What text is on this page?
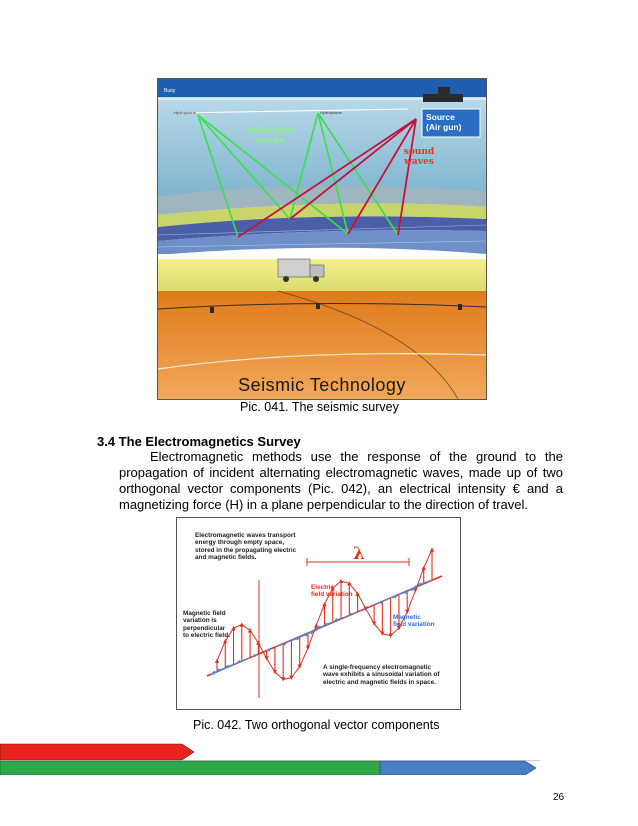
Buoy
Hydrophone	Hydrophone	Source
(Air gun)
reflective
waves
sound
waves
Seismic Technology
Pic. 041. The seismic survey
3.4 The Electromagnetics Survey
Electromagnetic methods use the response of the ground to the propagation of incident alternating electromagnetic waves, made up of two orthogonal vector components (Pic. 042), an electrical intensity € and a magnetizing force (H) in a plane perpendicular to the direction of travel.
Electromagnetic waves transport energy through empty space, stored in the propagating electric and magnetic fields.	λ
Electric
field variation
Magnetic field
variation is
perpendicular
to electric field.
Magnetic
field variation
A single-frequency electromagnetic wave exhibits a sinusoidal variation of electric and magnetic fields in space.
Pic. 042. Two orthogonal vector components
26
